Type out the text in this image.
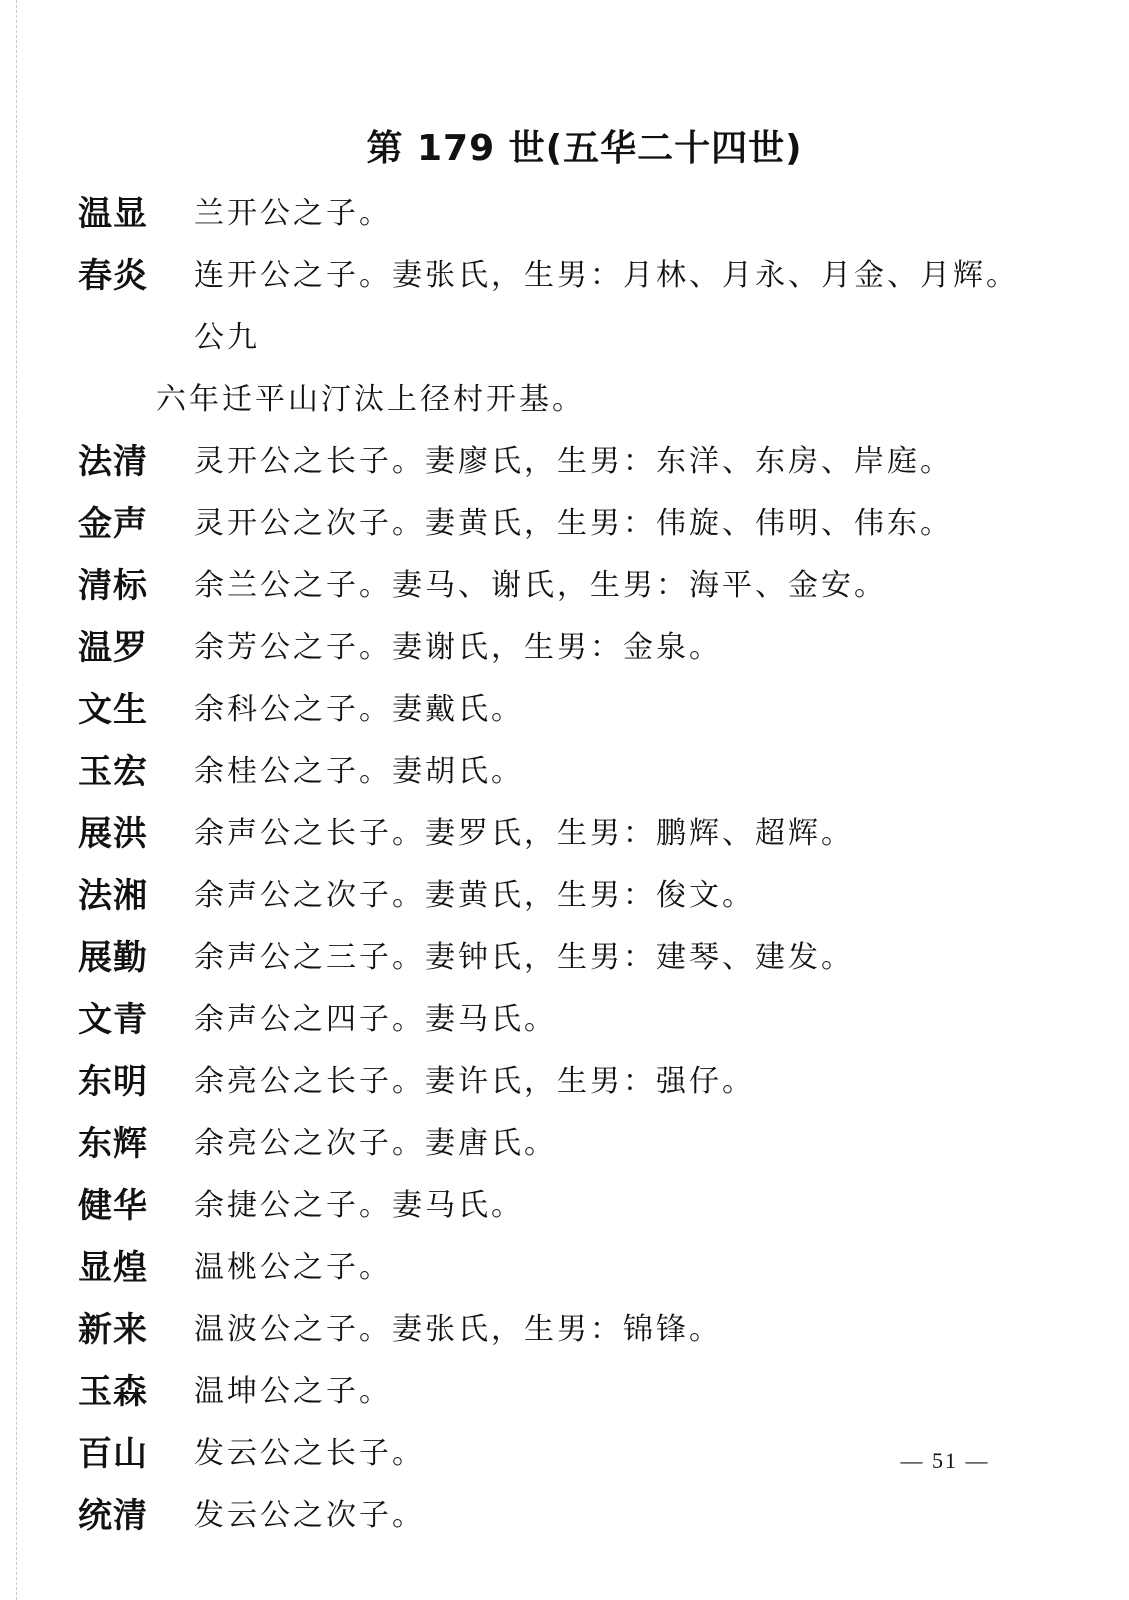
第 179 世(五华二十四世)
温显	兰开公之子。
春炎	连开公之子。妻张氏，生男：月林、月永、月金、月辉。公九
六年迁平山汀汰上径村开基。
法清	灵开公之长子。妻廖氏，生男：东洋、东房、岸庭。
金声	灵开公之次子。妻黄氏，生男：伟旋、伟明、伟东。
清标	余兰公之子。妻马、谢氏，生男：海平、金安。
温罗	余芳公之子。妻谢氏，生男：金泉。
文生	余科公之子。妻戴氏。
玉宏	余桂公之子。妻胡氏。
展洪	余声公之长子。妻罗氏，生男：鹏辉、超辉。
法湘	余声公之次子。妻黄氏，生男：俊文。
展勤	余声公之三子。妻钟氏，生男：建琴、建发。
文青	余声公之四子。妻马氏。
东明	余亮公之长子。妻许氏，生男：强仔。
东辉	余亮公之次子。妻唐氏。
健华	余捷公之子。妻马氏。
显煌	温桃公之子。
新来	温波公之子。妻张氏，生男：锦锋。
玉森	温坤公之子。
百山	发云公之长子。
统清	发云公之次子。
— 51 —
